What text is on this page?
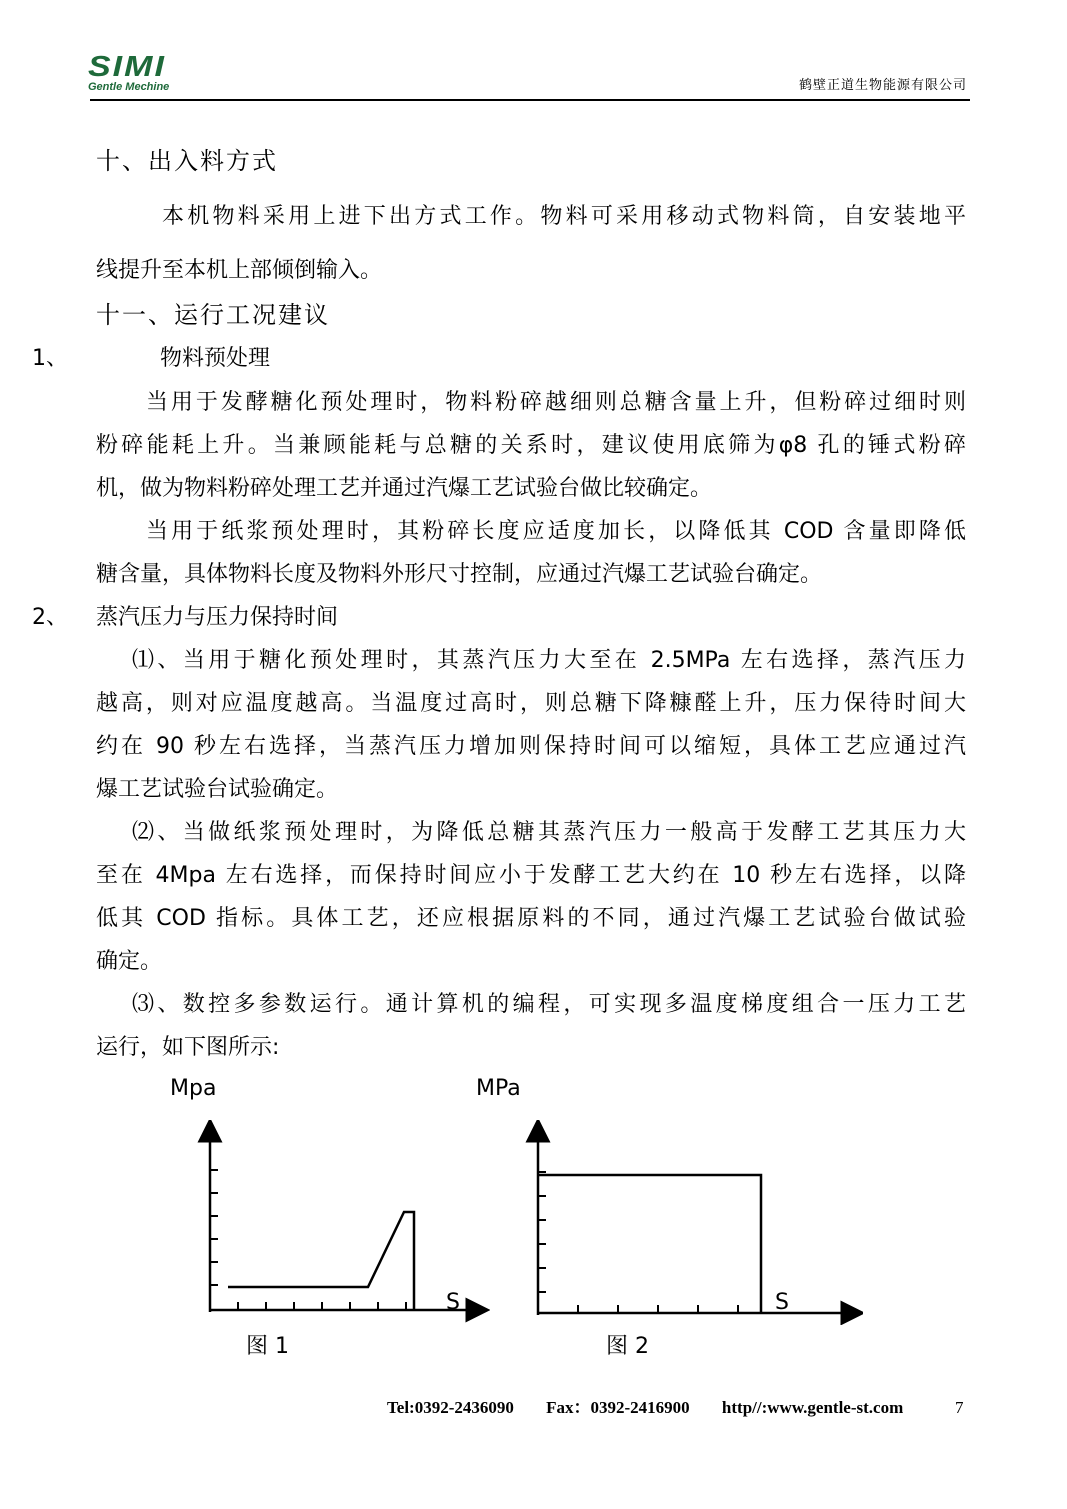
SIMI
Gentle Mechine	鹤壁正道生物能源有限公司
十、出入料方式
本机物料采用上进下出方式工作。物料可采用移动式物料筒，自安装地平
线提升至本机上部倾倒输入。
十一、运行工况建议
1、	物料预处理
当用于发酵糖化预处理时，物料粉碎越细则总糖含量上升，但粉碎过细时则
粉碎能耗上升。当兼顾能耗与总糖的关系时，建议使用底筛为φ8 孔的锤式粉碎
机，做为物料粉碎处理工艺并通过汽爆工艺试验台做比较确定。
当用于纸浆预处理时，其粉碎长度应适度加长，以降低其 COD 含量即降低
糖含量，具体物料长度及物料外形尺寸控制，应通过汽爆工艺试验台确定。
2、 蒸汽压力与压力保持时间
⑴、当用于糖化预处理时，其蒸汽压力大至在 2.5MPa 左右选择，蒸汽压力
越高，则对应温度越高。当温度过高时，则总糖下降糠醛上升，压力保待时间大
约在 90 秒左右选择，当蒸汽压力增加则保持时间可以缩短，具体工艺应通过汽
爆工艺试验台试验确定。
⑵、当做纸浆预处理时，为降低总糖其蒸汽压力一般高于发酵工艺其压力大
至在 4Mpa 左右选择，而保持时间应小于发酵工艺大约在 10 秒左右选择，以降
低其 COD 指标。具体工艺，还应根据原料的不同，通过汽爆工艺试验台做试验
确定。
⑶、数控多参数运行。通计算机的编程，可实现多温度梯度组合一压力工艺
运行，如下图所示:
Mpa
S
图 1
MPa
S
图 2
Tel:0392-2436090 Fax：0392-2416900 http//:www.gentle-st.com	7
